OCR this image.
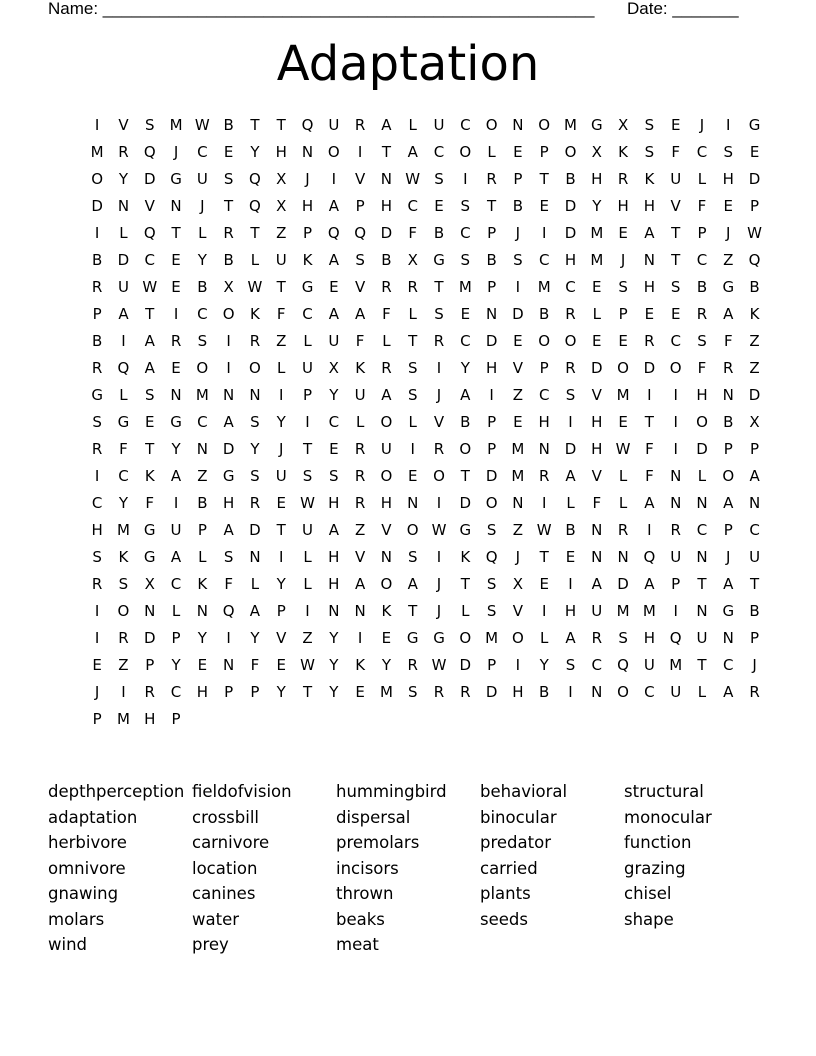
Name: ____________________________________________________ Date: _______
Adaptation
I	V	S	M W B	T	T	Q U	R	A	L	U	C	O N O M G	X	S	E	J	I	G
M R	Q	J	C	E	Y	H	N O	I	T	A	C	O	L	E	P	O	X	K	S	F	C	S	E
O	Y	D G	U	S	Q	X	J	I	V	N W S	I	R	P	T	B	H	R	K	U	L	H D
D N	V	N	J	T	Q	X	H	A	P	H	C	E	S	T	B	E	D	Y	H	H	V	F	E	P
I	L	Q	T	L	R	T	Z	P	Q Q D	F	B	C	P	J	I	D M	E	A	T	P	J	W
B	D	C	E	Y	B	L	U	K	A	S	B	X	G	S	B	S	C	H M	J	N	T	C	Z	Q
R	U W E	B	X W T	G	E	V	R	R	T	M	P	I	M C	E	S	H	S	B	G	B
P	A	T	I	C	O	K	F	C	A	A	F	L	S	E	N D	B	R	L	P	E	E	R	A	K
B	I	A	R	S	I	R	Z	L	U	F	L	T	R	C	D	E	O O	E	E	R	C	S	F	Z
R	Q	A	E	O	I	O	L	U	X	K	R	S	I	Y	H	V	P	R	D O D O	F	R	Z
G	L	S	N M N	N	I	P	Y	U	A	S	J	A	I	Z	C	S	V M	I	I	H	N D
S	G	E	G	C	A	S	Y	I	C	L	O	L	V	B	P	E	H	I	H	E	T	I	O	B	X
R	F	T	Y	N D	Y	J	T	E	R	U	I	R	O	P	M N D H W F	I	D	P	P
I	C	K	A	Z	G	S	U	S	S	R	O	E	O	T	D M R	A	V	L	F	N	L	O	A
C	Y	F	I	B	H	R	E W H	R	H	N	I	D O N	I	L	F	L	A	N	N	A	N
H M G	U	P	A	D	T	U	A	Z	V	O W G	S	Z W B	N	R	I	R	C	P	C
S	K	G	A	L	S	N	I	L	H	V	N	S	I	K	Q	J	T	E	N	N Q U	N	J	U
R	S	X	C	K	F	L	Y	L	H	A	O	A	J	T	S	X	E	I	A	D	A	P	T	A	T
I	O N	L	N Q	A	P	I	N	N	K	T	J	L	S	V	I	H	U M M	I	N G	B
I	R	D	P	Y	I	Y	V	Z	Y	I	E	G G O M O	L	A	R	S	H Q U	N	P
E	Z	P	Y	E	N	F	E W Y	K	Y	R W D	P	I	Y	S	C	Q U M	T	C	J
J	I	R	C	H	P	P	Y	T	Y	E	M	S	R	R	D H	B	I	N O	C	U	L	A	R
P	M H	P
depthperception fieldofvision	hummingbird	behavioral	structural
adaptation	crossbill	dispersal	binocular	monocular
herbivore	carnivore	premolars	predator	function
omnivore	location	incisors	carried	grazing
gnawing	canines	thrown	plants	chisel
molars	water	beaks	seeds	shape
wind	prey	meat
